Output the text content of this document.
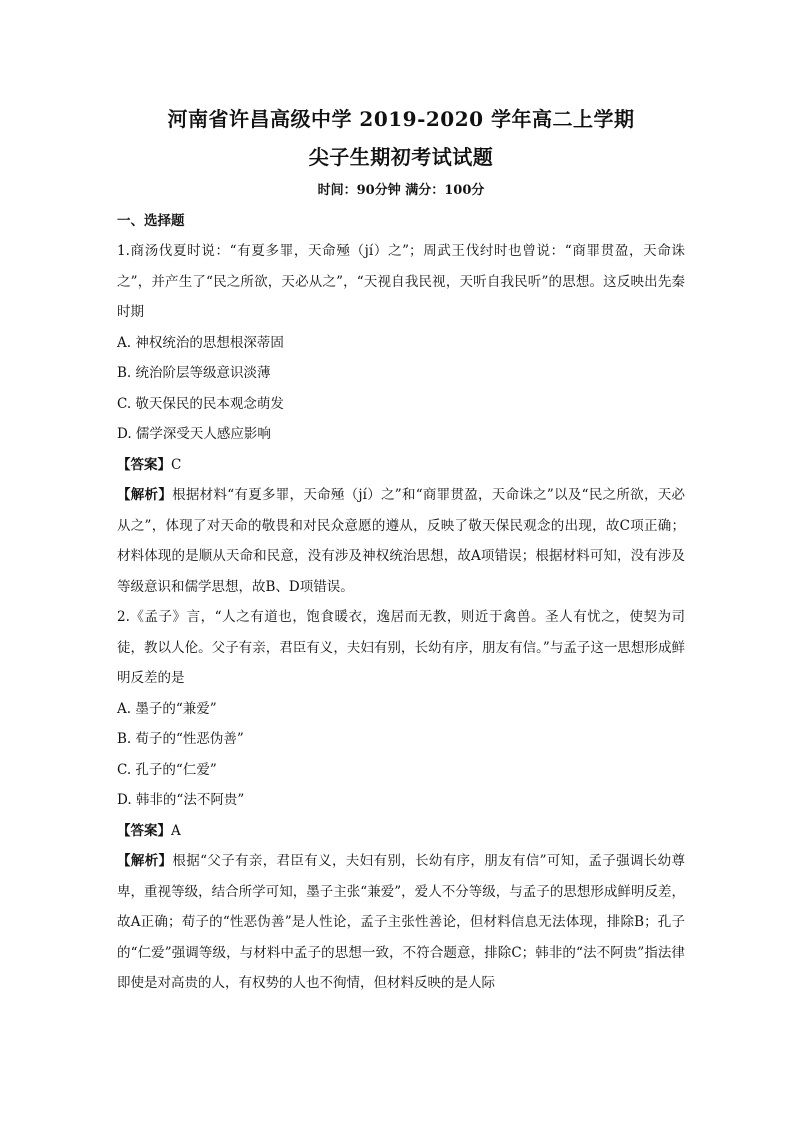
河南省许昌高级中学 2019-2020 学年高二上学期
尖子生期初考试试题

时间：90分钟 满分：100分

一、选择题

1.商汤伐夏时说：“有夏多罪，天命殛（jí）之”；周武王伐纣时也曾说：“商罪贯盈，天命诛之”，并产生了“民之所欲，天必从之”，“天视自我民视，天听自我民听”的思想。这反映出先秦时期

A. 神权统治的思想根深蒂固

B. 统治阶层等级意识淡薄

C. 敬天保民的民本观念萌发

D. 儒学深受天人感应影响

【答案】C

【解析】根据材料“有夏多罪，天命殛（jí）之”和“商罪贯盈，天命诛之”以及“民之所欲，天必从之”，体现了对天命的敬畏和对民众意愿的遵从，反映了敬天保民观念的出现，故C项正确；材料体现的是顺从天命和民意，没有涉及神权统治思想，故A项错误；根据材料可知，没有涉及等级意识和儒学思想，故B、D项错误。

2.《孟子》言，“人之有道也，饱食暖衣，逸居而无教，则近于禽兽。圣人有忧之，使契为司徒，教以人伦。父子有亲，君臣有义，夫妇有别，长幼有序，朋友有信。”与孟子这一思想形成鲜明反差的是

A. 墨子的“兼爱”

B. 荀子的“性恶伪善”

C. 孔子的“仁爱”

D. 韩非的“法不阿贵”

【答案】A

【解析】根据“父子有亲，君臣有义，夫妇有别，长幼有序，朋友有信”可知，孟子强调长幼尊卑，重视等级，结合所学可知，墨子主张“兼爱”，爱人不分等级，与孟子的思想形成鲜明反差，故A正确；荀子的“性恶伪善”是人性论，孟子主张性善论，但材料信息无法体现，排除B；孔子的“仁爱”强调等级，与材料中孟子的思想一致，不符合题意，排除C；韩非的“法不阿贵”指法律即使是对高贵的人，有权势的人也不徇情，但材料反映的是人际
